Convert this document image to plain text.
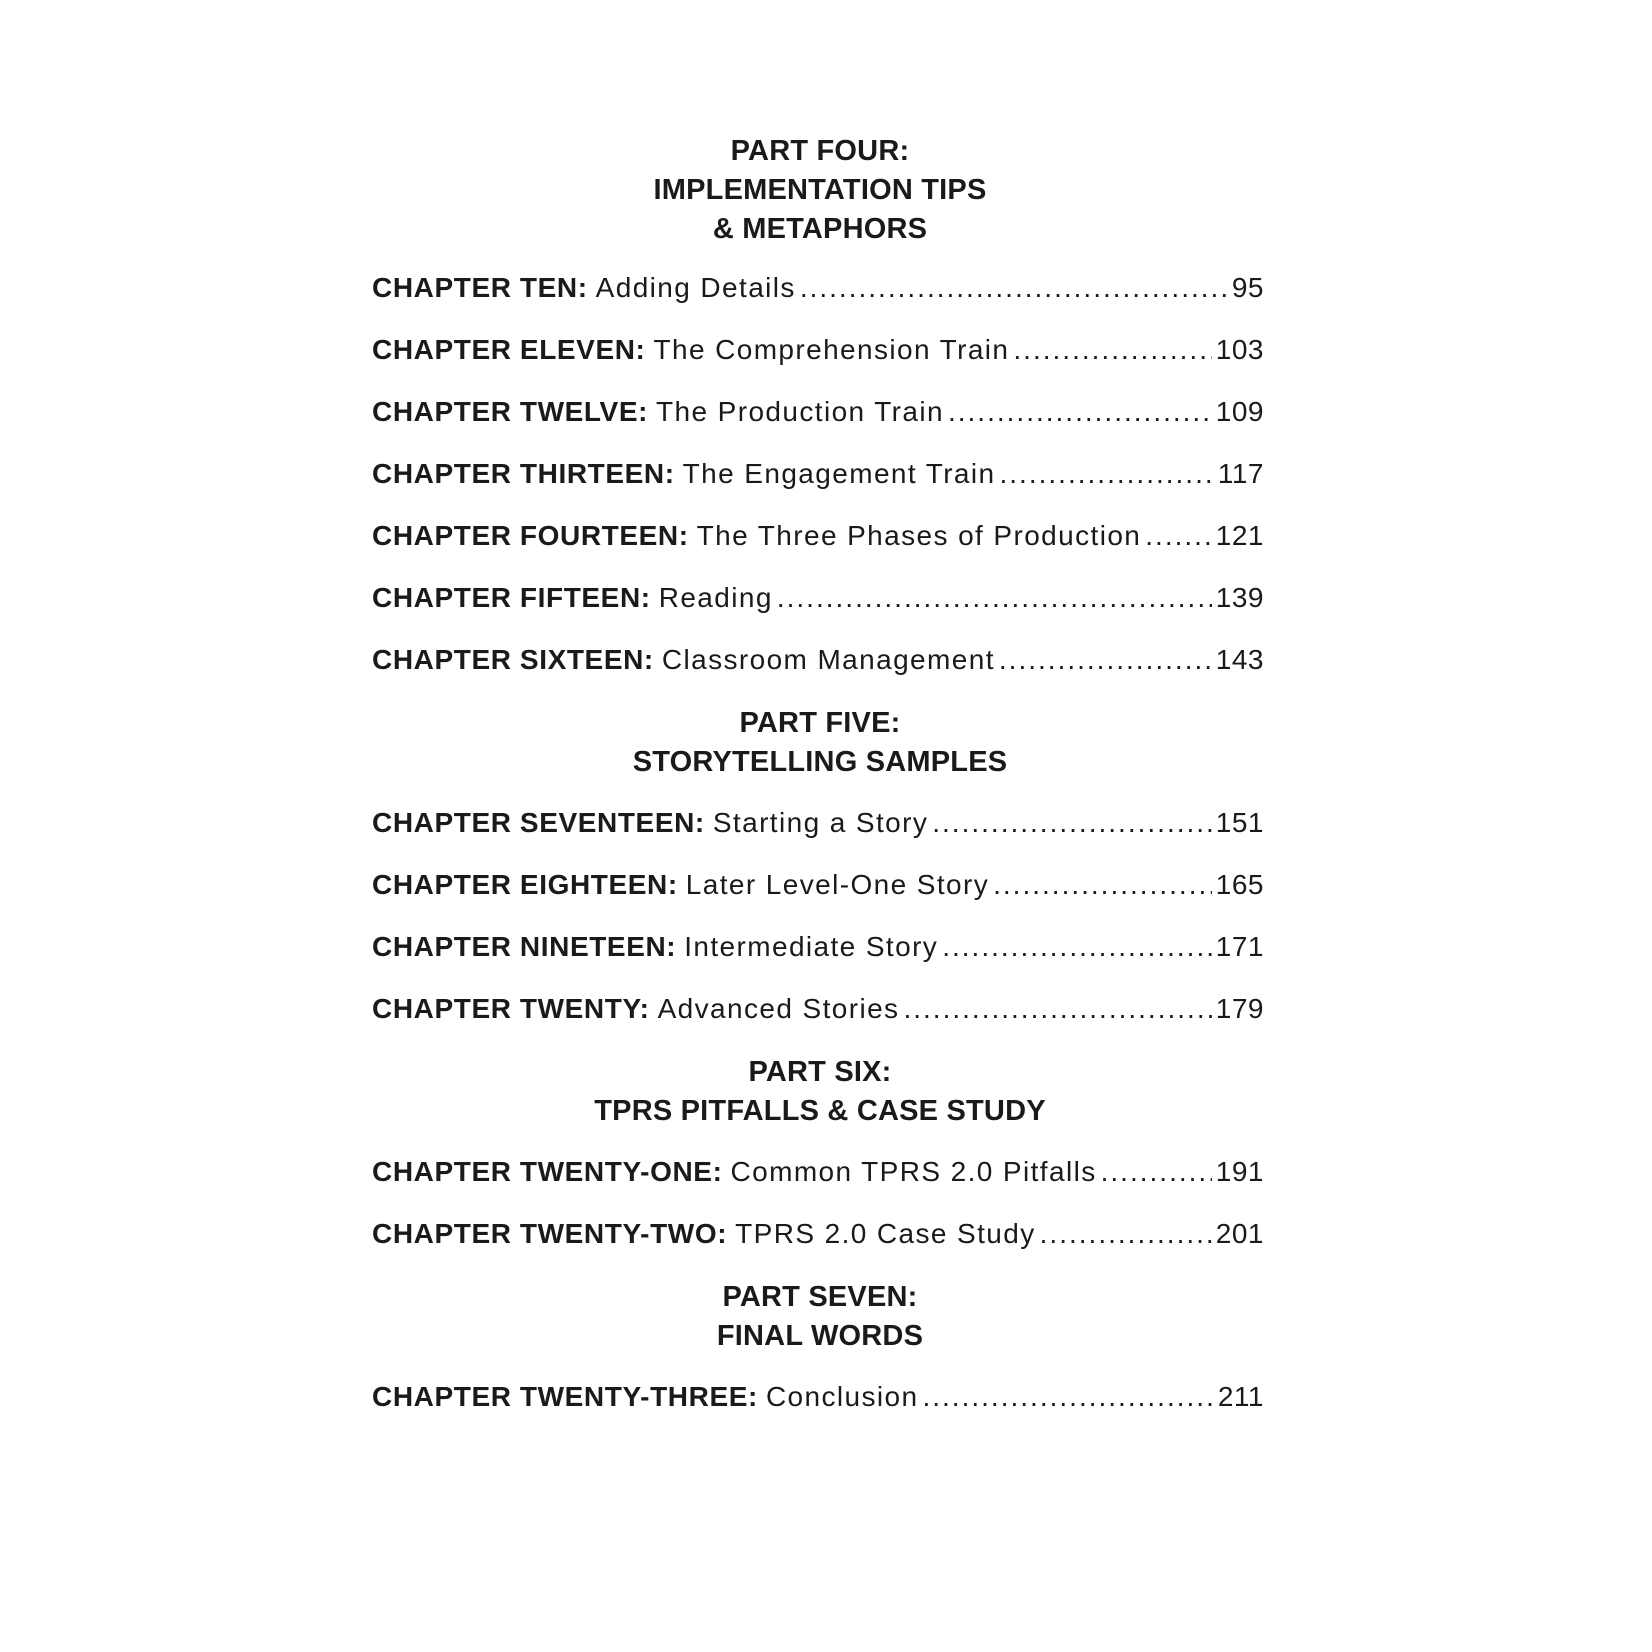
PART FOUR:
IMPLEMENTATION TIPS
& METAPHORS
CHAPTER TEN: Adding Details .....	95
CHAPTER ELEVEN: The Comprehension Train .....	103
CHAPTER TWELVE: The Production Train .....	109
CHAPTER THIRTEEN: The Engagement Train .....	117
CHAPTER FOURTEEN: The Three Phases of Production .....	121
CHAPTER FIFTEEN: Reading .....	139
CHAPTER SIXTEEN: Classroom Management .....	143
PART FIVE:
STORYTELLING SAMPLES
CHAPTER SEVENTEEN: Starting a Story .....	151
CHAPTER EIGHTEEN: Later Level-One Story .....	165
CHAPTER NINETEEN: Intermediate Story .....	171
CHAPTER TWENTY: Advanced Stories .....	179
PART SIX:
TPRS PITFALLS & CASE STUDY
CHAPTER TWENTY-ONE: Common TPRS 2.0 Pitfalls .....	191
CHAPTER TWENTY-TWO: TPRS 2.0 Case Study .....	201
PART SEVEN:
FINAL WORDS
CHAPTER TWENTY-THREE: Conclusion .....	211
